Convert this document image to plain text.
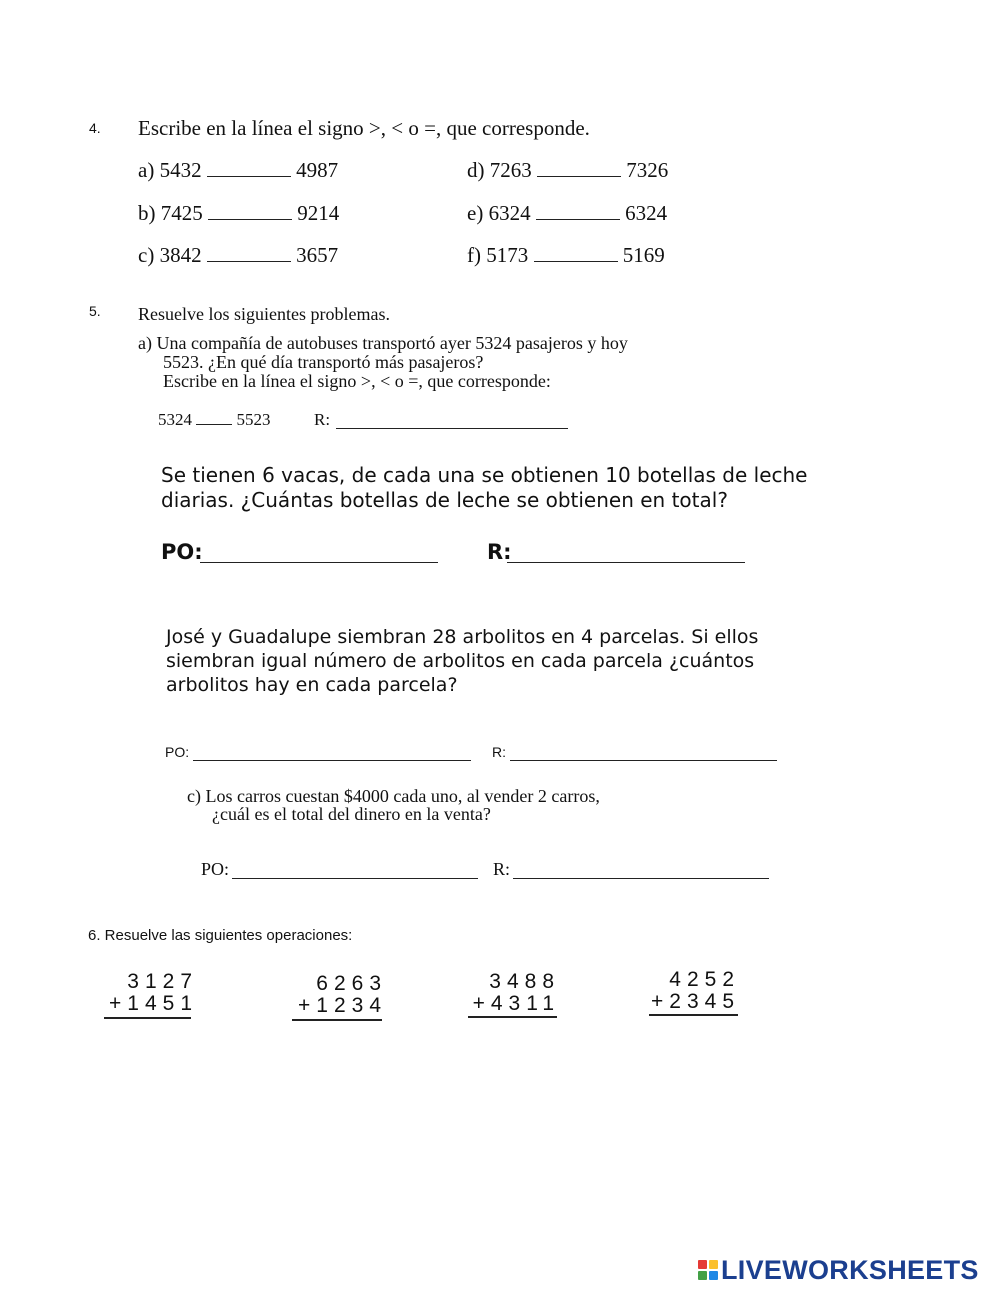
4. Escribe en la línea el signo >, < o =, que corresponde.
a) 5432	4987
b) 7425	9214
c) 3842	3657
d) 7263	7326
e) 6324	6324
f) 5173	5169
5. Resuelve los siguientes problemas.
a) Una compañía de autobuses transportó ayer 5324 pasajeros y hoy
5523. ¿En qué día transportó más pasajeros?
Escribe en la línea el signo >, < o =, que corresponde:
5324	5523	R:
Se tienen 6 vacas, de cada una se obtienen 10 botellas de leche
diarias. ¿Cuántas botellas de leche se obtienen en total?
PO:	R:
José y Guadalupe siembran 28 arbolitos en 4 parcelas. Si ellos
siembran igual número de arbolitos en cada parcela ¿cuántos
arbolitos hay en cada parcela?
PO:	R:
c) Los carros cuestan $4000 cada uno, al vender 2 carros,
¿cuál es el total del dinero en la venta?
PO:	R:
6. Resuelve las siguientes operaciones:
3127
+1451
6263
+1234
3488
+4311
4252
+2345
LIVEWORKSHEETS
